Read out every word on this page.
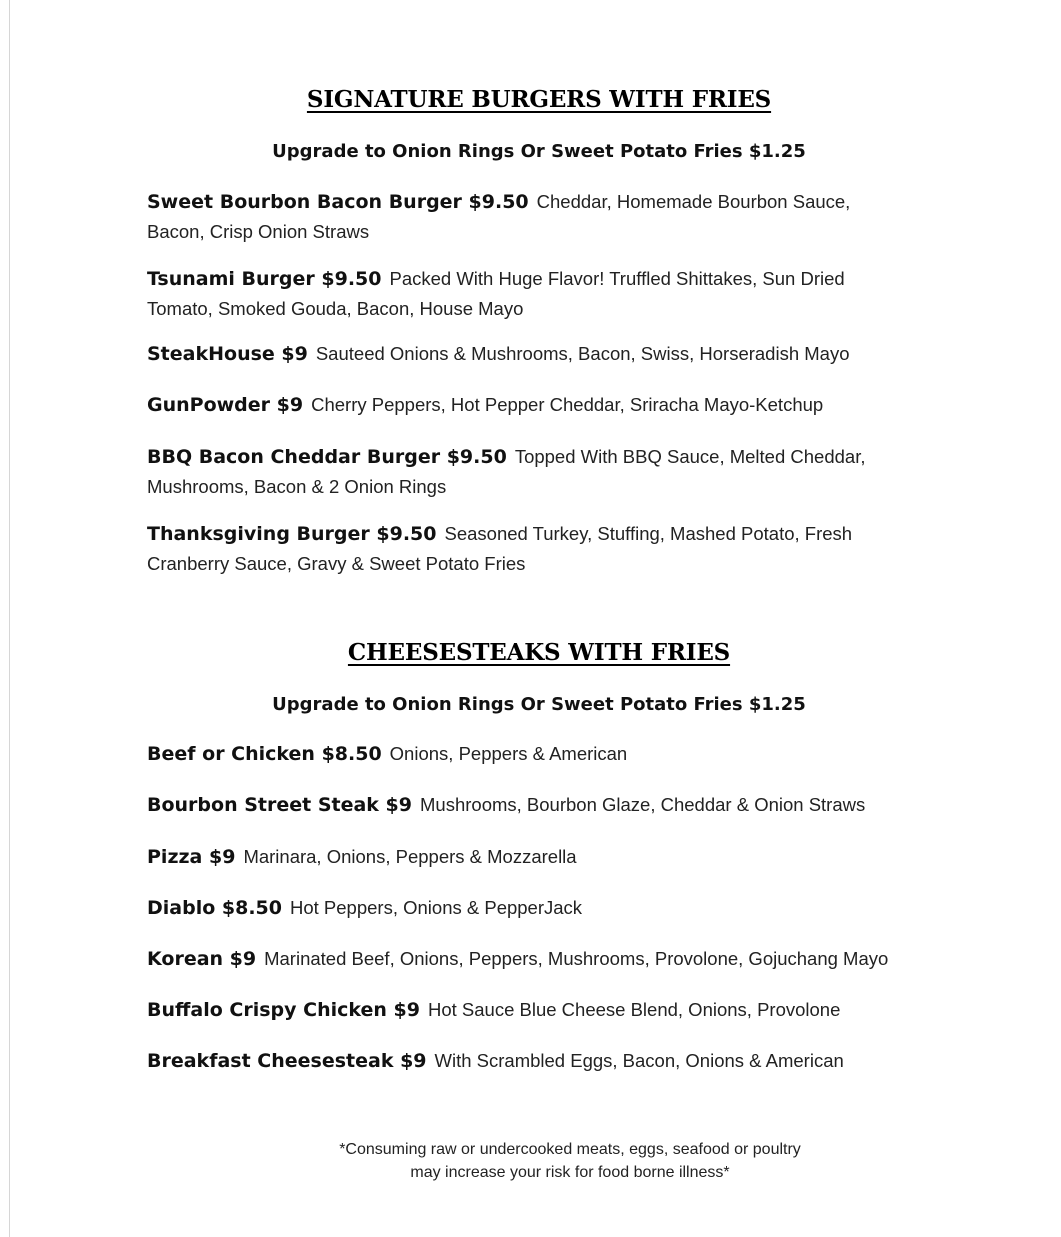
SIGNATURE BURGERS WITH FRIES
Upgrade to Onion Rings Or Sweet Potato Fries $1.25
Sweet Bourbon Bacon Burger $9.50 Cheddar, Homemade Bourbon Sauce,
Bacon, Crisp Onion Straws
Tsunami Burger $9.50 Packed With Huge Flavor! Truffled Shittakes, Sun Dried
Tomato, Smoked Gouda, Bacon, House Mayo
SteakHouse $9 Sauteed Onions & Mushrooms, Bacon, Swiss, Horseradish Mayo
GunPowder $9 Cherry Peppers, Hot Pepper Cheddar, Sriracha Mayo-Ketchup
BBQ Bacon Cheddar Burger $9.50 Topped With BBQ Sauce, Melted Cheddar,
Mushrooms, Bacon & 2 Onion Rings
Thanksgiving Burger $9.50 Seasoned Turkey, Stuffing, Mashed Potato, Fresh
Cranberry Sauce, Gravy & Sweet Potato Fries
CHEESESTEAKS WITH FRIES
Upgrade to Onion Rings Or Sweet Potato Fries $1.25
Beef or Chicken $8.50 Onions, Peppers & American
Bourbon Street Steak $9 Mushrooms, Bourbon Glaze, Cheddar & Onion Straws
Pizza $9 Marinara, Onions, Peppers & Mozzarella
Diablo $8.50 Hot Peppers, Onions & PepperJack
Korean $9 Marinated Beef, Onions, Peppers, Mushrooms, Provolone, Gojuchang Mayo
Buffalo Crispy Chicken $9 Hot Sauce Blue Cheese Blend, Onions, Provolone
Breakfast Cheesesteak $9 With Scrambled Eggs, Bacon, Onions & American
*Consuming raw or undercooked meats, eggs, seafood or poultry
may increase your risk for food borne illness*
